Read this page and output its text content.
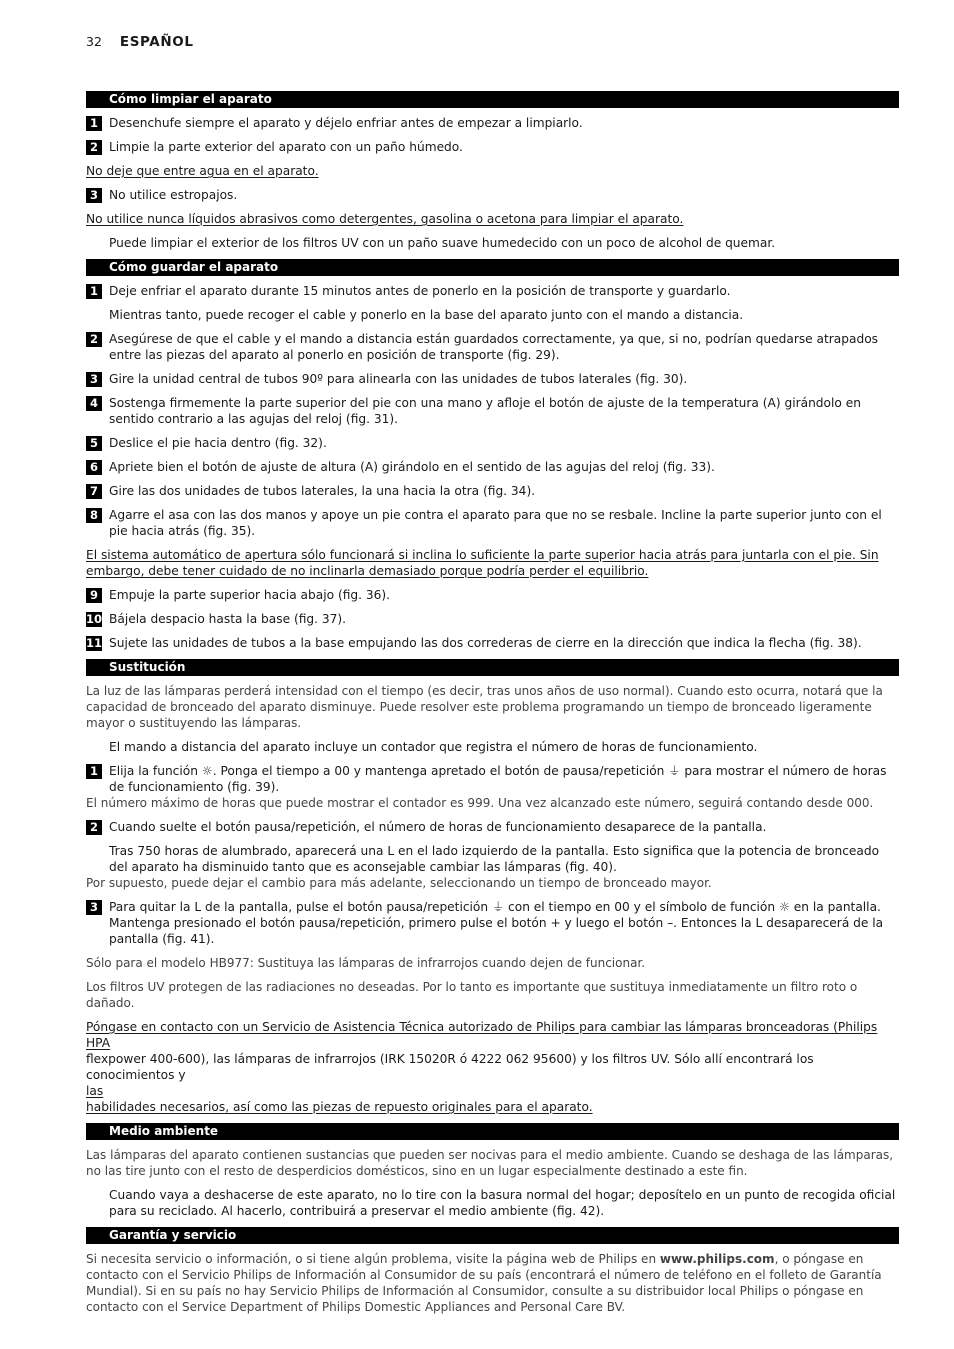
32 ESPAÑOL
Cómo limpiar el aparato
1 Desenchufe siempre el aparato y déjelo enfriar antes de empezar a limpiarlo.
2 Limpie la parte exterior del aparato con un paño húmedo.
No deje que entre agua en el aparato.
3 No utilice estropajos.
No utilice nunca líquidos abrasivos como detergentes, gasolina o acetona para limpiar el aparato.
Puede limpiar el exterior de los filtros UV con un paño suave humedecido con un poco de alcohol de quemar.
Cómo guardar el aparato
1 Deje enfriar el aparato durante 15 minutos antes de ponerlo en la posición de transporte y guardarlo.
Mientras tanto, puede recoger el cable y ponerlo en la base del aparato junto con el mando a distancia.
2 Asegúrese de que el cable y el mando a distancia están guardados correctamente, ya que, si no, podrían quedarse atrapados entre las piezas del aparato al ponerlo en posición de transporte (fig. 29).
3 Gire la unidad central de tubos 90º para alinearla con las unidades de tubos laterales (fig. 30).
4 Sostenga firmemente la parte superior del pie con una mano y afloje el botón de ajuste de la temperatura (A) girándolo en sentido contrario a las agujas del reloj (fig. 31).
5 Deslice el pie hacia dentro (fig. 32).
6 Apriete bien el botón de ajuste de altura (A) girándolo en el sentido de las agujas del reloj (fig. 33).
7 Gire las dos unidades de tubos laterales, la una hacia la otra (fig. 34).
8 Agarre el asa con las dos manos y apoye un pie contra el aparato para que no se resbale. Incline la parte superior junto con el pie hacia atrás (fig. 35).
El sistema automático de apertura sólo funcionará si inclina lo suficiente la parte superior hacia atrás para juntarla con el pie. Sin embargo, debe tener cuidado de no inclinarla demasiado porque podría perder el equilibrio.
9 Empuje la parte superior hacia abajo (fig. 36).
10 Bájela despacio hasta la base (fig. 37).
11 Sujete las unidades de tubos a la base empujando las dos correderas de cierre en la dirección que indica la flecha (fig. 38).
Sustitución
La luz de las lámparas perderá intensidad con el tiempo (es decir, tras unos años de uso normal). Cuando esto ocurra, notará que la capacidad de bronceado del aparato disminuye. Puede resolver este problema programando un tiempo de bronceado ligeramente mayor o sustituyendo las lámparas.
El mando a distancia del aparato incluye un contador que registra el número de horas de funcionamiento.
1 Elija la función ☼. Ponga el tiempo a 00 y mantenga apretado el botón de pausa/repetición ⏚ para mostrar el número de horas de funcionamiento (fig. 39).
El número máximo de horas que puede mostrar el contador es 999. Una vez alcanzado este número, seguirá contando desde 000.
2 Cuando suelte el botón pausa/repetición, el número de horas de funcionamiento desaparece de la pantalla.
Tras 750 horas de alumbrado, aparecerá una L en el lado izquierdo de la pantalla. Esto significa que la potencia de bronceado del aparato ha disminuido tanto que es aconsejable cambiar las lámparas (fig. 40).
Por supuesto, puede dejar el cambio para más adelante, seleccionando un tiempo de bronceado mayor.
3 Para quitar la L de la pantalla, pulse el botón pausa/repetición ⏚ con el tiempo en 00 y el símbolo de función ☼ en la pantalla. Mantenga presionado el botón pausa/repetición, primero pulse el botón + y luego el botón –. Entonces la L desaparecerá de la pantalla (fig. 41).
Sólo para el modelo HB977: Sustituya las lámparas de infrarrojos cuando dejen de funcionar.
Los filtros UV protegen de las radiaciones no deseadas. Por lo tanto es importante que sustituya inmediatamente un filtro roto o dañado.
Póngase en contacto con un Servicio de Asistencia Técnica autorizado de Philips para cambiar las lámparas bronceadoras (Philips HPA
flexpower 400-600), las lámparas de infrarrojos (IRK 15020R ó 4222 062 95600) y los filtros UV. Sólo allí encontrará los conocimientos y
las
habilidades necesarios, así como las piezas de repuesto originales para el aparato.
Medio ambiente
Las lámparas del aparato contienen sustancias que pueden ser nocivas para el medio ambiente. Cuando se deshaga de las lámparas, no las tire junto con el resto de desperdicios domésticos, sino en un lugar especialmente destinado a este fin.
Cuando vaya a deshacerse de este aparato, no lo tire con la basura normal del hogar; deposítelo en un punto de recogida oficial para su reciclado. Al hacerlo, contribuirá a preservar el medio ambiente (fig. 42).
Garantía y servicio
Si necesita servicio o información, o si tiene algún problema, visite la página web de Philips en www.philips.com, o póngase en contacto con el Servicio Philips de Información al Consumidor de su país (encontrará el número de teléfono en el folleto de Garantía Mundial). Si en su país no hay Servicio Philips de Información al Consumidor, consulte a su distribuidor local Philips o póngase en contacto con el Service Department of Philips Domestic Appliances and Personal Care BV.
